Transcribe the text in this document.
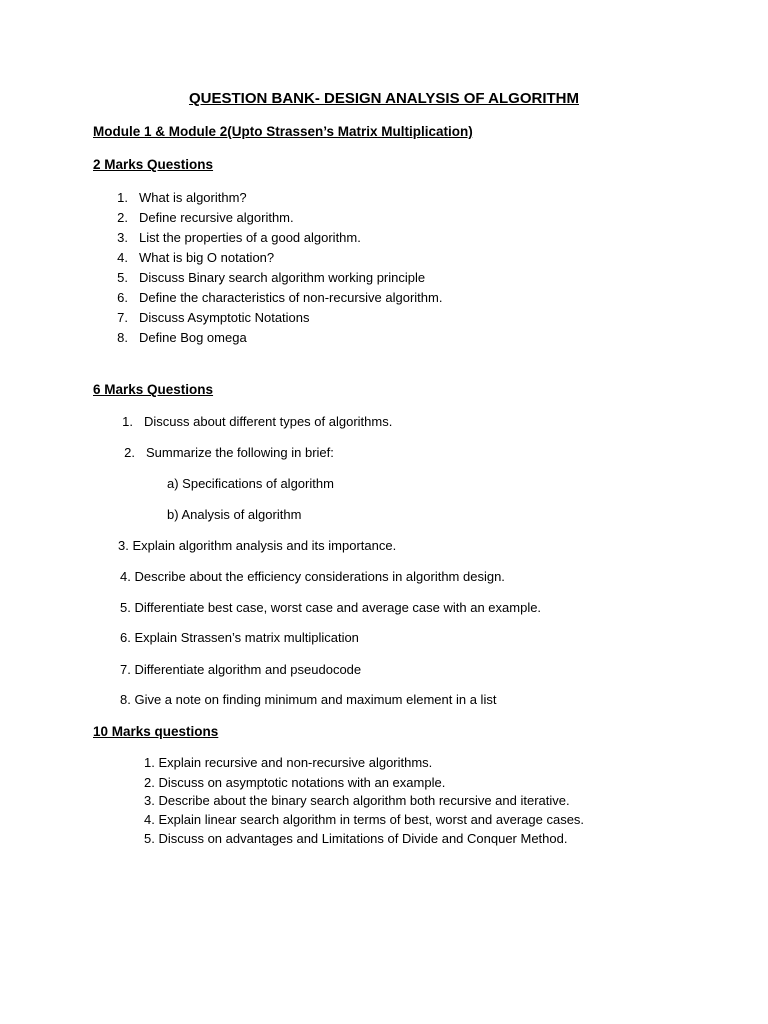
QUESTION BANK- DESIGN ANALYSIS OF ALGORITHM
Module 1 & Module 2(Upto Strassen’s Matrix Multiplication)
2 Marks Questions
1. What is algorithm?
2. Define recursive algorithm.
3. List the properties of a good algorithm.
4. What is big O notation?
5. Discuss Binary search algorithm working principle
6. Define the characteristics of non-recursive algorithm.
7. Discuss Asymptotic Notations
8. Define Bog omega
6 Marks Questions
1. Discuss about different types of algorithms.
2. Summarize the following in brief:
a) Specifications of algorithm
b) Analysis of algorithm
3. Explain algorithm analysis and its importance.
4. Describe about the efficiency considerations in algorithm design.
5. Differentiate best case, worst case and average case with an example.
6. Explain Strassen’s matrix multiplication
7. Differentiate algorithm and pseudocode
8. Give a note on finding minimum and maximum element in a list
10 Marks questions
1. Explain recursive and non-recursive algorithms.
2. Discuss on asymptotic notations with an example.
3. Describe about the binary search algorithm both recursive and iterative.
4. Explain linear search algorithm in terms of best, worst and average cases.
5. Discuss on advantages and Limitations of Divide and Conquer Method.
